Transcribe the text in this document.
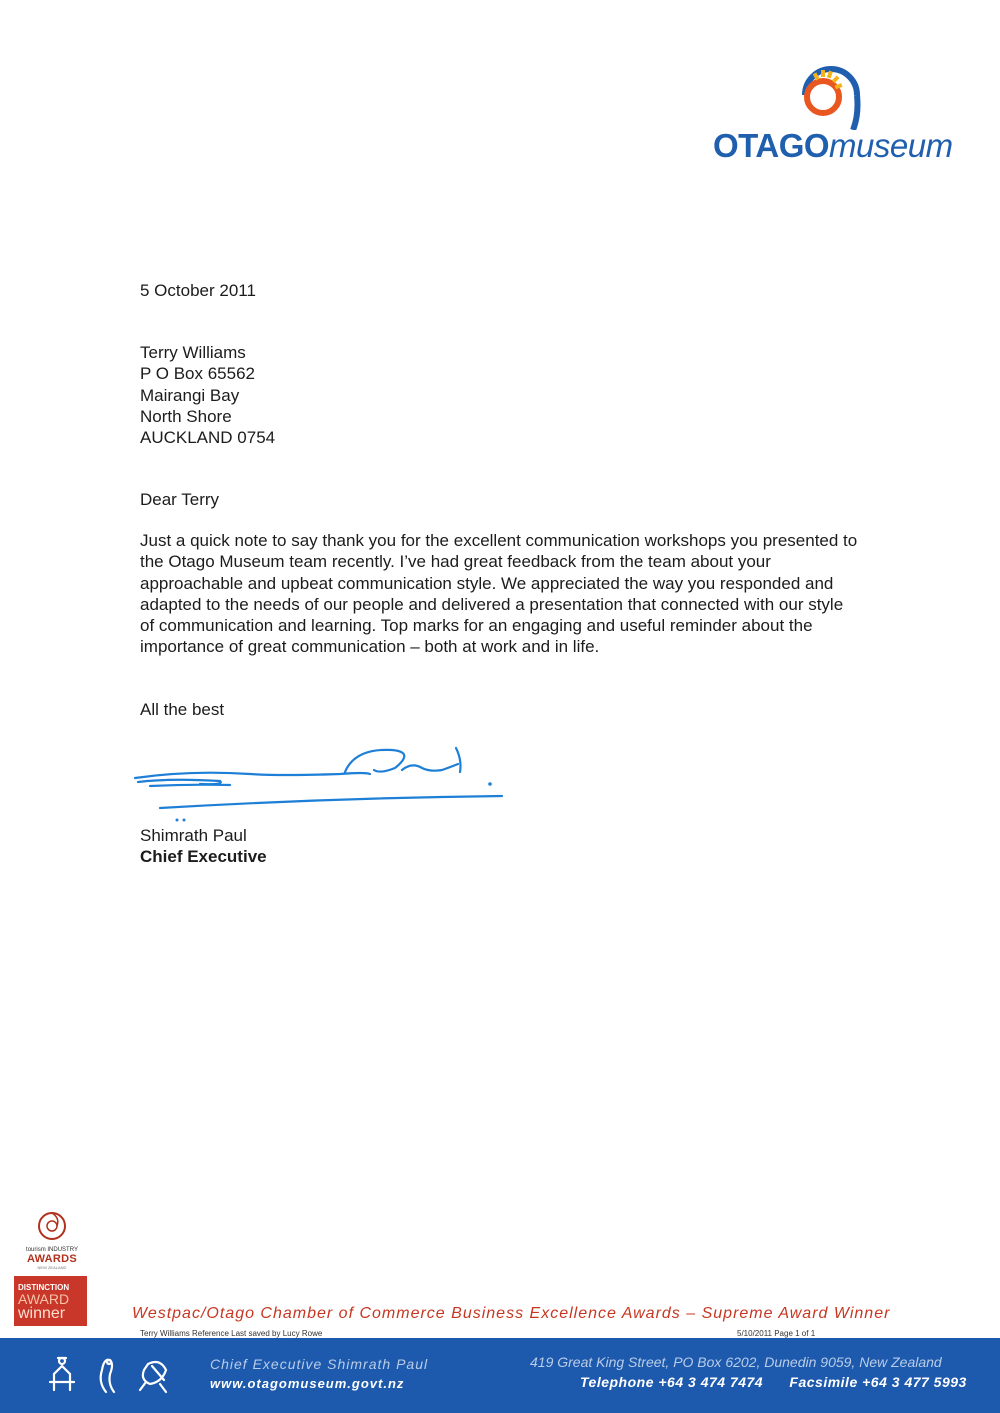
OTAGOmuseum
5 October 2011
Terry Williams
P O Box 65562
Mairangi Bay
North Shore
AUCKLAND 0754
Dear Terry
Just a quick note to say thank you for the excellent communication workshops you presented to the Otago Museum team recently. I’ve had great feedback from the team about your approachable and upbeat communication style. We appreciated the way you responded and adapted to the needs of our people and delivered a presentation that connected with our style of communication and learning. Top marks for an engaging and useful reminder about the importance of great communication – both at work and in life.
All the best
Shimrath Paul
Chief Executive
tourism INDUSTRY
AWARDS
NEW ZEALAND
DISTINCTION
AWARD
winner	Westpac/Otago Chamber of Commerce Business Excellence Awards – Supreme Award Winner
Terry Williams Reference Last saved by Lucy Rowe	5/10/2011 Page 1 of 1
Chief Executive Shimrath Paul
www.otagomuseum.govt.nz
419 Great King Street, PO Box 6202, Dunedin 9059, New Zealand
Telephone +64 3 474 7474      Facsimile +64 3 477 5993
